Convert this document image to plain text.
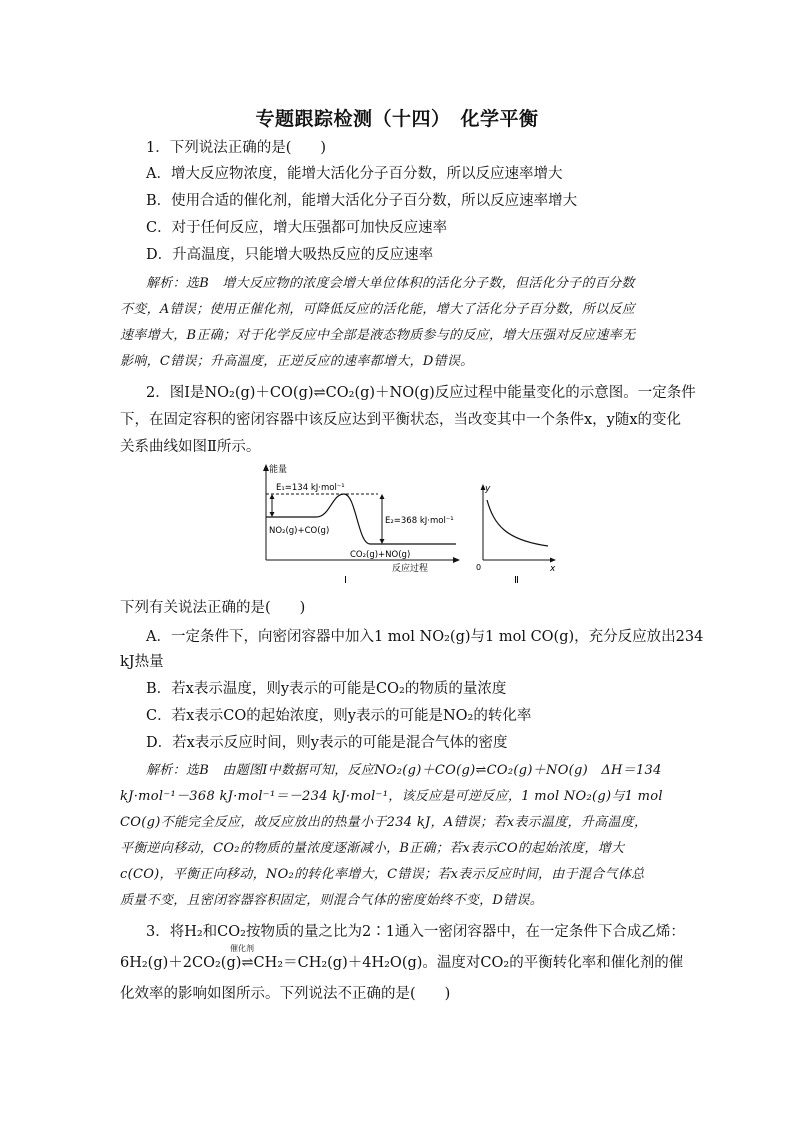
专题跟踪检测（十四）　化学平衡
1．下列说法正确的是(　　)
A．增大反应物浓度，能增大活化分子百分数，所以反应速率增大
B．使用合适的催化剂，能增大活化分子百分数，所以反应速率增大
C．对于任何反应，增大压强都可加快反应速率
D．升高温度，只能增大吸热反应的反应速率
解析：选B　增大反应物的浓度会增大单位体积的活化分子数，但活化分子的百分数
不变，A错误；使用正催化剂，可降低反应的活化能，增大了活化分子百分数，所以反应
速率增大，B正确；对于化学反应中全部是液态物质参与的反应，增大压强对反应速率无
影响，C错误；升高温度，正逆反应的速率都增大，D错误。
2．图Ⅰ是NO₂(g)＋CO(g)⇌CO₂(g)＋NO(g)反应过程中能量变化的示意图。一定条件
下，在固定容积的密闭容器中该反应达到平衡状态，当改变其中一个条件x，y随x的变化
关系曲线如图Ⅱ所示。
能量
E₁=134 kJ·mol⁻¹
E₂=368 kJ·mol⁻¹
NO₂(g)+CO(g)
CO₂(g)+NO(g)
反应过程
Ⅰ
y
x
0
Ⅱ
下列有关说法正确的是(　　)
A．一定条件下，向密闭容器中加入1 mol NO₂(g)与1 mol CO(g)，充分反应放出234
kJ热量
B．若x表示温度，则y表示的可能是CO₂的物质的量浓度
C．若x表示CO的起始浓度，则y表示的可能是NO₂的转化率
D．若x表示反应时间，则y表示的可能是混合气体的密度
解析：选B　由题图Ⅰ中数据可知，反应NO₂(g)＋CO(g)⇌CO₂(g)＋NO(g)　ΔH＝134
kJ·mol⁻¹－368 kJ·mol⁻¹＝－234 kJ·mol⁻¹，该反应是可逆反应，1 mol NO₂(g)与1 mol
CO(g)不能完全反应，故反应放出的热量小于234 kJ，A错误；若x表示温度，升高温度，
平衡逆向移动，CO₂的物质的量浓度逐渐减小，B正确；若x表示CO的起始浓度，增大
c(CO)，平衡正向移动，NO₂的转化率增大，C错误；若x表示反应时间，由于混合气体总
质量不变，且密闭容器容积固定，则混合气体的密度始终不变，D错误。
3．将H₂和CO₂按物质的量之比为2∶1通入一密闭容器中，在一定条件下合成乙烯：
催化剂
6H₂(g)＋2CO₂(g)⇌CH₂＝CH₂(g)＋4H₂O(g)。温度对CO₂的平衡转化率和催化剂的催
化效率的影响如图所示。下列说法不正确的是(　　)
